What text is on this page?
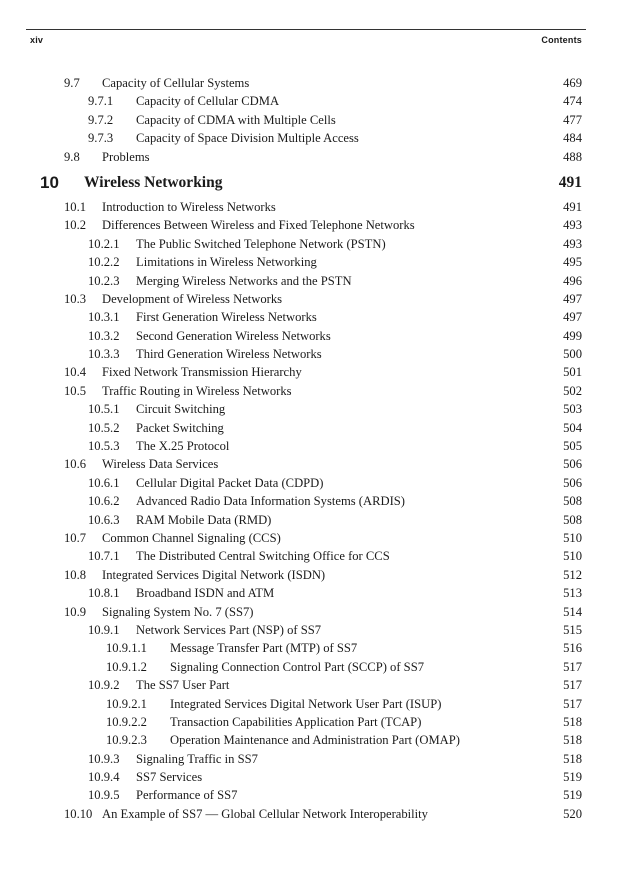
xiv	Contents
9.7 Capacity of Cellular Systems	469
9.7.1 Capacity of Cellular CDMA	474
9.7.2 Capacity of CDMA with Multiple Cells	477
9.7.3 Capacity of Space Division Multiple Access	484
9.8 Problems	488
10 Wireless Networking	491
10.1 Introduction to Wireless Networks	491
10.2 Differences Between Wireless and Fixed Telephone Networks	493
10.2.1 The Public Switched Telephone Network (PSTN)	493
10.2.2 Limitations in Wireless Networking	495
10.2.3 Merging Wireless Networks and the PSTN	496
10.3 Development of Wireless Networks	497
10.3.1 First Generation Wireless Networks	497
10.3.2 Second Generation Wireless Networks	499
10.3.3 Third Generation Wireless Networks	500
10.4 Fixed Network Transmission Hierarchy	501
10.5 Traffic Routing in Wireless Networks	502
10.5.1 Circuit Switching	503
10.5.2 Packet Switching	504
10.5.3 The X.25 Protocol	505
10.6 Wireless Data Services	506
10.6.1 Cellular Digital Packet Data (CDPD)	506
10.6.2 Advanced Radio Data Information Systems (ARDIS)	508
10.6.3 RAM Mobile Data (RMD)	508
10.7 Common Channel Signaling (CCS)	510
10.7.1 The Distributed Central Switching Office for CCS	510
10.8 Integrated Services Digital Network (ISDN)	512
10.8.1 Broadband ISDN and ATM	513
10.9 Signaling System No. 7 (SS7)	514
10.9.1 Network Services Part (NSP) of SS7	515
10.9.1.1 Message Transfer Part (MTP) of SS7	516
10.9.1.2 Signaling Connection Control Part (SCCP) of SS7	517
10.9.2 The SS7 User Part	517
10.9.2.1 Integrated Services Digital Network User Part (ISUP)	517
10.9.2.2 Transaction Capabilities Application Part (TCAP)	518
10.9.2.3 Operation Maintenance and Administration Part (OMAP)	518
10.9.3 Signaling Traffic in SS7	518
10.9.4 SS7 Services	519
10.9.5 Performance of SS7	519
10.10 An Example of SS7 — Global Cellular Network Interoperability	520
